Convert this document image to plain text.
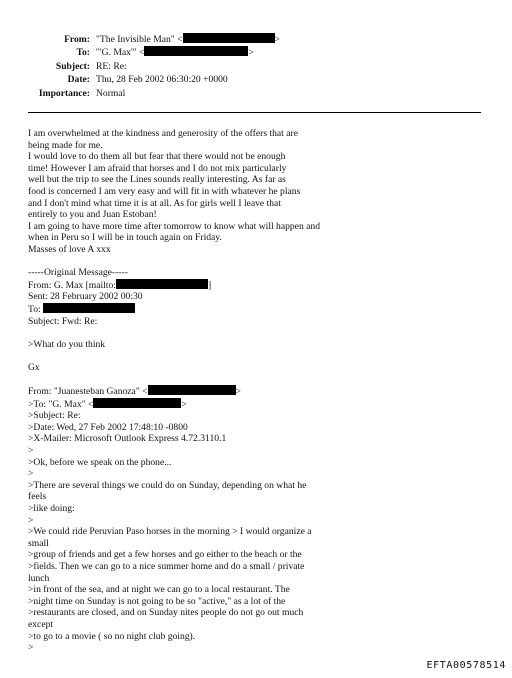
From: "The Invisible Man" <	>
To: '"G. Max'" <	>
Subject: RE: Re:
Date: Thu, 28 Feb 2002 06:30:20 +0000
Importance: Normal
I am overwhelmed at the kindness and generosity of the offers that are
being made for me.
I would love to do them all but fear that there would not be enough
time! However I am afraid that horses and I do not mix particularly
well but the trip to see the Lines sounds really interesting. As far as
food is concerned I am very easy and will fit in with whatever he plans
and I don't mind what time it is at all. As for girls well I leave that
entirely to you and Juan Estoban!
I am going to have more time after tomorrow to know what will happen and
when in Peru so I will be in touch again on Friday.
Masses of love A xxx
-----Original Message-----
From: G. Max [mailto:	]
Sent: 28 February 2002 00:30
To:
Subject: Fwd: Re:
>What do you think
Gx
From: "Juanesteban Ganoza" <	>
>To: "G. Max" <	>
>Subject: Re:
>Date: Wed, 27 Feb 2002 17:48:10 -0800
>X-Mailer: Microsoft Outlook Express 4.72.3110.1
>
>Ok, before we speak on the phone...
>
>There are several things we could do on Sunday, depending on what he
feels
>like doing:
>
>We could ride Peruvian Paso horses in the morning > I would organize a
small
>group of friends and get a few horses and go either to the beach or the
>fields. Then we can go to a nice summer home and do a small / private
lunch
>in front of the sea, and at night we can go to a local restaurant. The
>night time on Sunday is not going to be so "active," as a lot of the
>restaurants are closed, and on Sunday nites people do not go out much
except
>to go to a movie ( so no night club going).
>
EFTA00578514
